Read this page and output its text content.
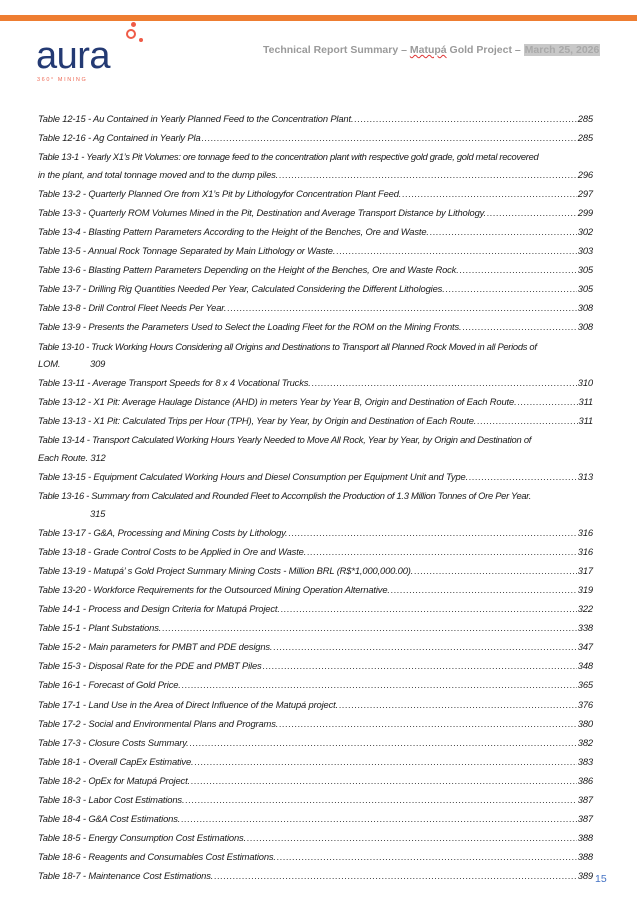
aura
360° MINING
Technical Report Summary – Matupá Gold Project – March 25, 2026
Table 12-15 - Au Contained in Yearly Planned Feed to the Concentration Plant. .....	285
Table 12-16 - Ag Contained in Yearly Pla .....	285
Table 13-1 - Yearly X1’s Pit Volumes: ore tonnage feed to the concentration plant with respective gold grade, gold metal recovered
in the plant, and total tonnage moved and to the dump piles. .....	296
Table 13-2 - Quarterly Planned Ore from X1’s Pit by Lithologyfor Concentration Plant Feed. .....	297
Table 13-3 - Quarterly ROM Volumes Mined in the Pit, Destination and Average Transport Distance by Lithology. .....	299
Table 13-4 - Blasting Pattern Parameters According to the Height of the Benches, Ore and Waste. .....	302
Table 13-5 - Annual Rock Tonnage Separated by Main Lithology or Waste. .....	303
Table 13-6 - Blasting Pattern Parameters Depending on the Height of the Benches, Ore and Waste Rock. .....	305
Table 13-7 - Drilling Rig Quantities Needed Per Year, Calculated Considering the Different Lithologies. .....	305
Table 13-8 - Drill Control Fleet Needs Per Year. .....	308
Table 13-9 - Presents the Parameters Used to Select the Loading Fleet for the ROM on the Mining Fronts. .....	308
Table 13-10 - Truck Working Hours Considering all Origins and Destinations to Transport all Planned Rock Moved in all Periods of
LOM.	309
Table 13-11 - Average Transport Speeds for 8 x 4 Vocational Trucks. .....	310
Table 13-12 - X1 Pit: Average Haulage Distance (AHD) in meters Year by Year B, Origin and Destination of Each Route. .....	311
Table 13-13 - X1 Pit: Calculated Trips per Hour (TPH), Year by Year, by Origin and Destination of Each Route. .....	311
Table 13-14 - Transport Calculated Working Hours Yearly Needed to Move All Rock, Year by Year, by Origin and Destination of
Each Route. 312
Table 13-15 - Equipment Calculated Working Hours and Diesel Consumption per Equipment Unit and Type. .....	313
Table 13-16 - Summary from Calculated and Rounded Fleet to Accomplish the Production of 1.3 Million Tonnes of Ore Per Year.
315
Table 13-17 - G&A, Processing and Mining Costs by Lithology. .....	316
Table 13-18 - Grade Control Costs to be Applied in Ore and Waste. .....	316
Table 13-19 - Matupá’ s Gold Project Summary Mining Costs - Million BRL (R$*1,000,000.00). .....	317
Table 13-20 - Workforce Requirements for the Outsourced Mining Operation Alternative. .....	319
Table 14-1 - Process and Design Criteria for Matupá Project. .....	322
Table 15-1 - Plant Substations. .....	338
Table 15-2 - Main parameters for PMBT and PDE designs. .....	347
Table 15-3 - Disposal Rate for the PDE and PMBT Piles .....	348
Table 16-1 - Forecast of Gold Price. .....	365
Table 17-1 - Land Use in the Area of Direct Influence of the Matupá project. .....	376
Table 17-2 - Social and Environmental Plans and Programs. .....	380
Table 17-3 - Closure Costs Summary. .....	382
Table 18-1 - Overall CapEx Estimative. .....	383
Table 18-2 - OpEx for Matupá Project. .....	386
Table 18-3 - Labor Cost Estimations. .....	387
Table 18-4 - G&A Cost Estimations. .....	387
Table 18-5 - Energy Consumption Cost Estimations. .....	388
Table 18-6 - Reagents and Consumables Cost Estimations. .....	388
Table 18-7 - Maintenance Cost Estimations. .....	389 15
